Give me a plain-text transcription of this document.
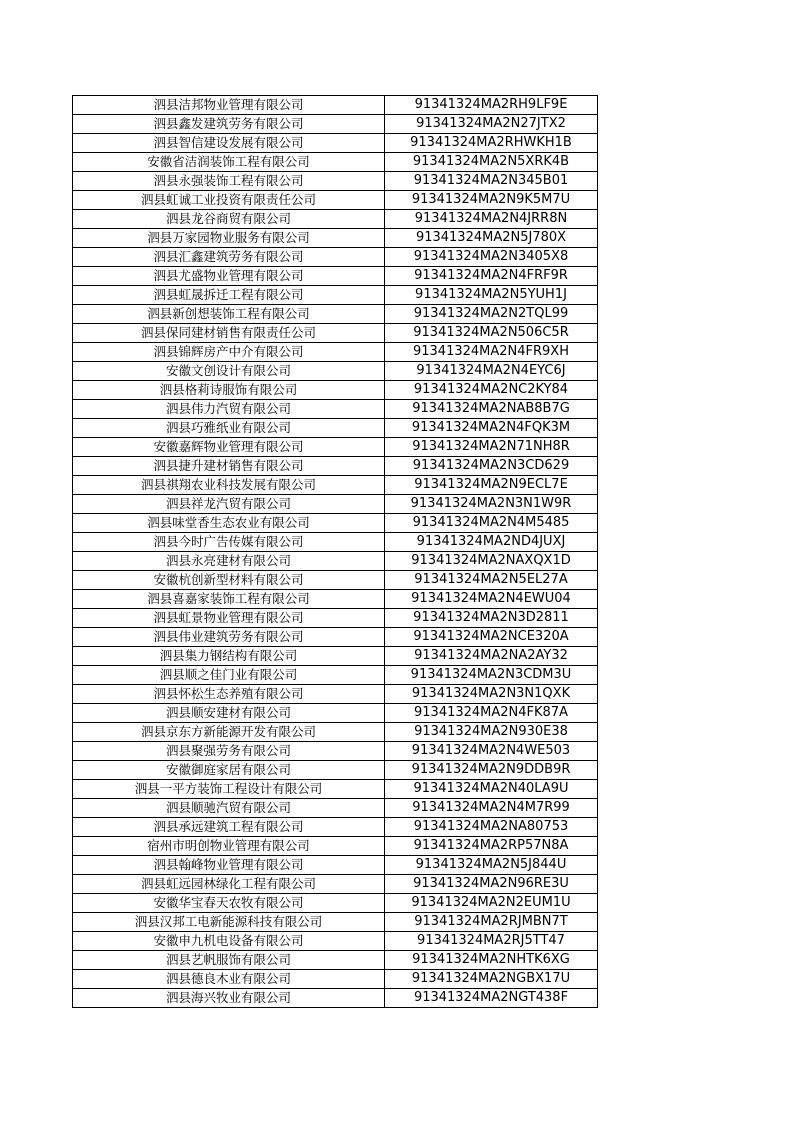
泗县洁邦物业管理有限公司	91341324MA2RH9LF9E
泗县鑫发建筑劳务有限公司	91341324MA2N27JTX2
泗县智信建设发展有限公司	91341324MA2RHWKH1B
安徽省洁润装饰工程有限公司	91341324MA2N5XRK4B
泗县永强装饰工程有限公司	91341324MA2N345B01
泗县虹诚工业投资有限责任公司	91341324MA2N9K5M7U
泗县龙谷商贸有限公司	91341324MA2N4JRR8N
泗县万家园物业服务有限公司	91341324MA2N5J780X
泗县汇鑫建筑劳务有限公司	91341324MA2N3405X8
泗县尤盛物业管理有限公司	91341324MA2N4FRF9R
泗县虹晟拆迁工程有限公司	91341324MA2N5YUH1J
泗县新创想装饰工程有限公司	91341324MA2N2TQL99
泗县保同建材销售有限责任公司	91341324MA2N506C5R
泗县锦辉房产中介有限公司	91341324MA2N4FR9XH
安徽文创设计有限公司	91341324MA2N4EYC6J
泗县格莉诗服饰有限公司	91341324MA2NC2KY84
泗县伟力汽贸有限公司	91341324MA2NAB8B7G
泗县巧雅纸业有限公司	91341324MA2N4FQK3M
安徽嘉辉物业管理有限公司	91341324MA2N71NH8R
泗县捷升建材销售有限公司	91341324MA2N3CD629
泗县祺翔农业科技发展有限公司	91341324MA2N9ECL7E
泗县祥龙汽贸有限公司	91341324MA2N3N1W9R
泗县味堂香生态农业有限公司	91341324MA2N4M5485
泗县今时广告传媒有限公司	91341324MA2ND4JUXJ
泗县永亮建材有限公司	91341324MA2NAXQX1D
安徽杭创新型材料有限公司	91341324MA2N5EL27A
泗县喜嘉家装饰工程有限公司	91341324MA2N4EWU04
泗县虹景物业管理有限公司	91341324MA2N3D2811
泗县伟业建筑劳务有限公司	91341324MA2NCE320A
泗县集力钢结构有限公司	91341324MA2NA2AY32
泗县顺之佳门业有限公司	91341324MA2N3CDM3U
泗县怀松生态养殖有限公司	91341324MA2N3N1QXK
泗县顺安建材有限公司	91341324MA2N4FK87A
泗县京东方新能源开发有限公司	91341324MA2N930E38
泗县聚强劳务有限公司	91341324MA2N4WE503
安徽御庭家居有限公司	91341324MA2N9DDB9R
泗县一平方装饰工程设计有限公司	91341324MA2N40LA9U
泗县顺驰汽贸有限公司	91341324MA2N4M7R99
泗县承远建筑工程有限公司	91341324MA2NA80753
宿州市明创物业管理有限公司	91341324MA2RP57N8A
泗县翰峰物业管理有限公司	91341324MA2N5J844U
泗县虹远园林绿化工程有限公司	91341324MA2N96RE3U
安徽华宝春天农牧有限公司	91341324MA2N2EUM1U
泗县汉邦工电新能源科技有限公司	91341324MA2RJMBN7T
安徽申九机电设备有限公司	91341324MA2RJ5TT47
泗县艺帆服饰有限公司	91341324MA2NHTK6XG
泗县德良木业有限公司	91341324MA2NGBX17U
泗县海兴牧业有限公司	91341324MA2NGT438F
